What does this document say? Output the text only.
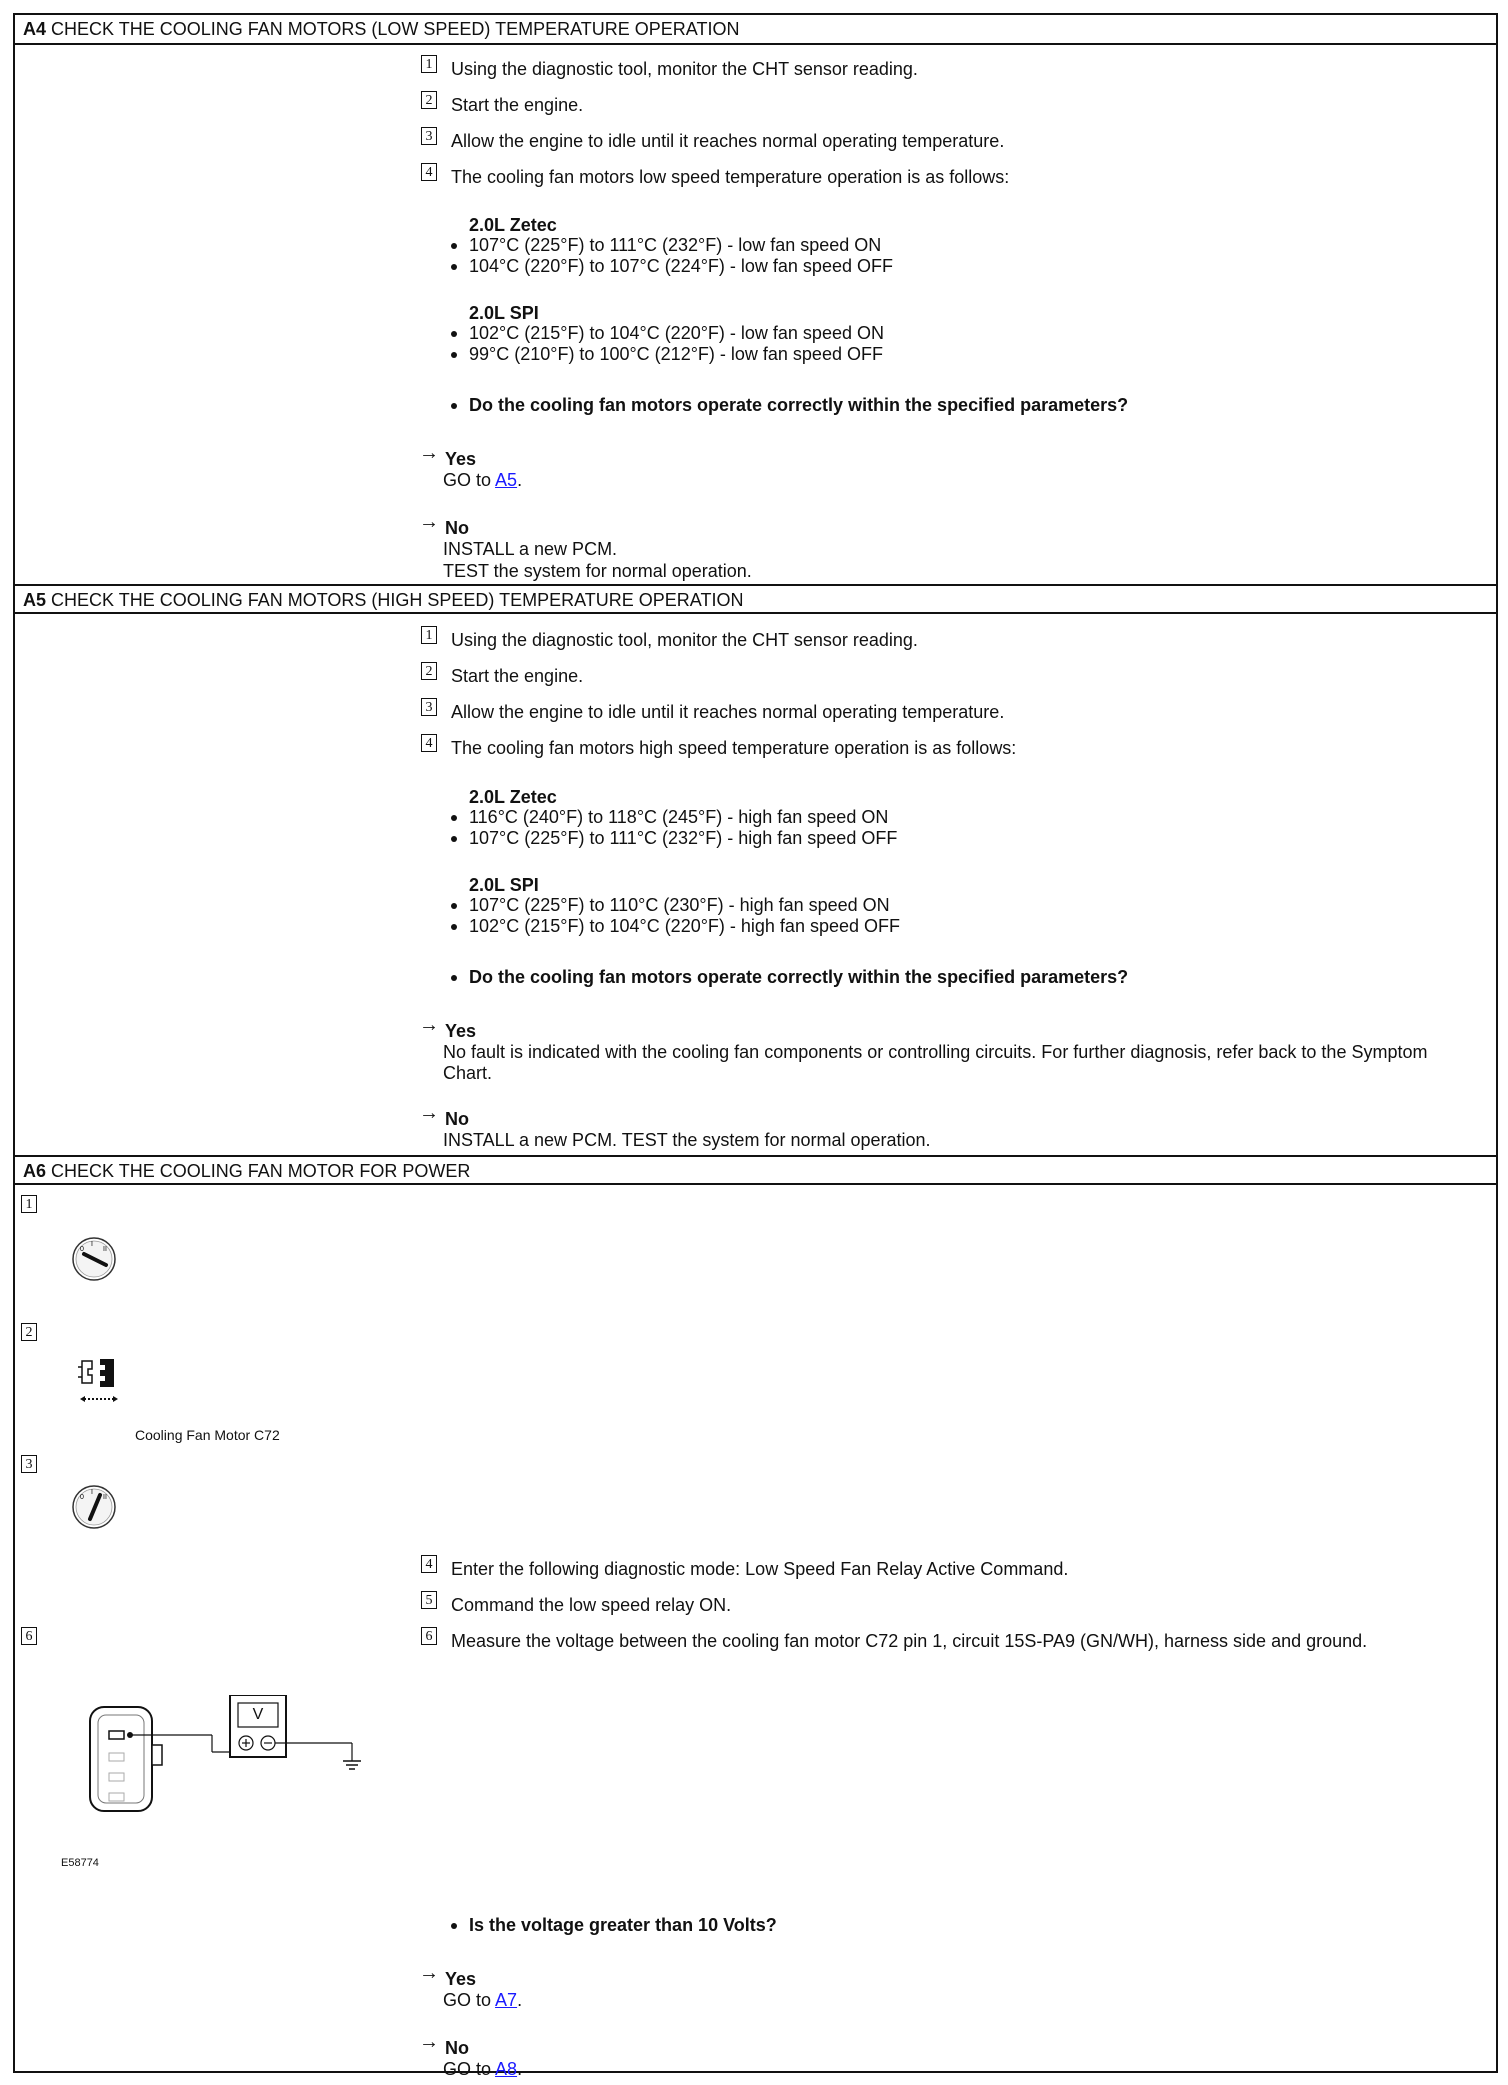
A4 CHECK THE COOLING FAN MOTORS (LOW SPEED) TEMPERATURE OPERATION
1 Using the diagnostic tool, monitor the CHT sensor reading.
2 Start the engine.
3 Allow the engine to idle until it reaches normal operating temperature.
4 The cooling fan motors low speed temperature operation is as follows:
2.0L Zetec
107°C (225°F) to 111°C (232°F) - low fan speed ON
104°C (220°F) to 107°C (224°F) - low fan speed OFF
2.0L SPI
102°C (215°F) to 104°C (220°F) - low fan speed ON
99°C (210°F) to 100°C (212°F) - low fan speed OFF
Do the cooling fan motors operate correctly within the specified parameters?
→ Yes
GO to A5.
→ No
INSTALL a new PCM.
TEST the system for normal operation.
A5 CHECK THE COOLING FAN MOTORS (HIGH SPEED) TEMPERATURE OPERATION
1 Using the diagnostic tool, monitor the CHT sensor reading.
2 Start the engine.
3 Allow the engine to idle until it reaches normal operating temperature.
4 The cooling fan motors high speed temperature operation is as follows:
2.0L Zetec
116°C (240°F) to 118°C (245°F) - high fan speed ON
107°C (225°F) to 111°C (232°F) - high fan speed OFF
2.0L SPI
107°C (225°F) to 110°C (230°F) - high fan speed ON
102°C (215°F) to 104°C (220°F) - high fan speed OFF
Do the cooling fan motors operate correctly within the specified parameters?
→ Yes
No fault is indicated with the cooling fan components or controlling circuits. For further diagnosis, refer back to the Symptom
Chart.
→ No
INSTALL a new PCM. TEST the system for normal operation.
A6 CHECK THE COOLING FAN MOTOR FOR POWER
1
0
I
II
2
Cooling Fan Motor C72
3
0
I
II
4 Enter the following diagnostic mode: Low Speed Fan Relay Active Command.
5 Command the low speed relay ON.
6 Measure the voltage between the cooling fan motor C72 pin 1, circuit 15S-PA9 (GN/WH), harness side and ground.
6
V
E58774
Is the voltage greater than 10 Volts?
→ Yes
GO to A7.
→ No
GO to A8.
